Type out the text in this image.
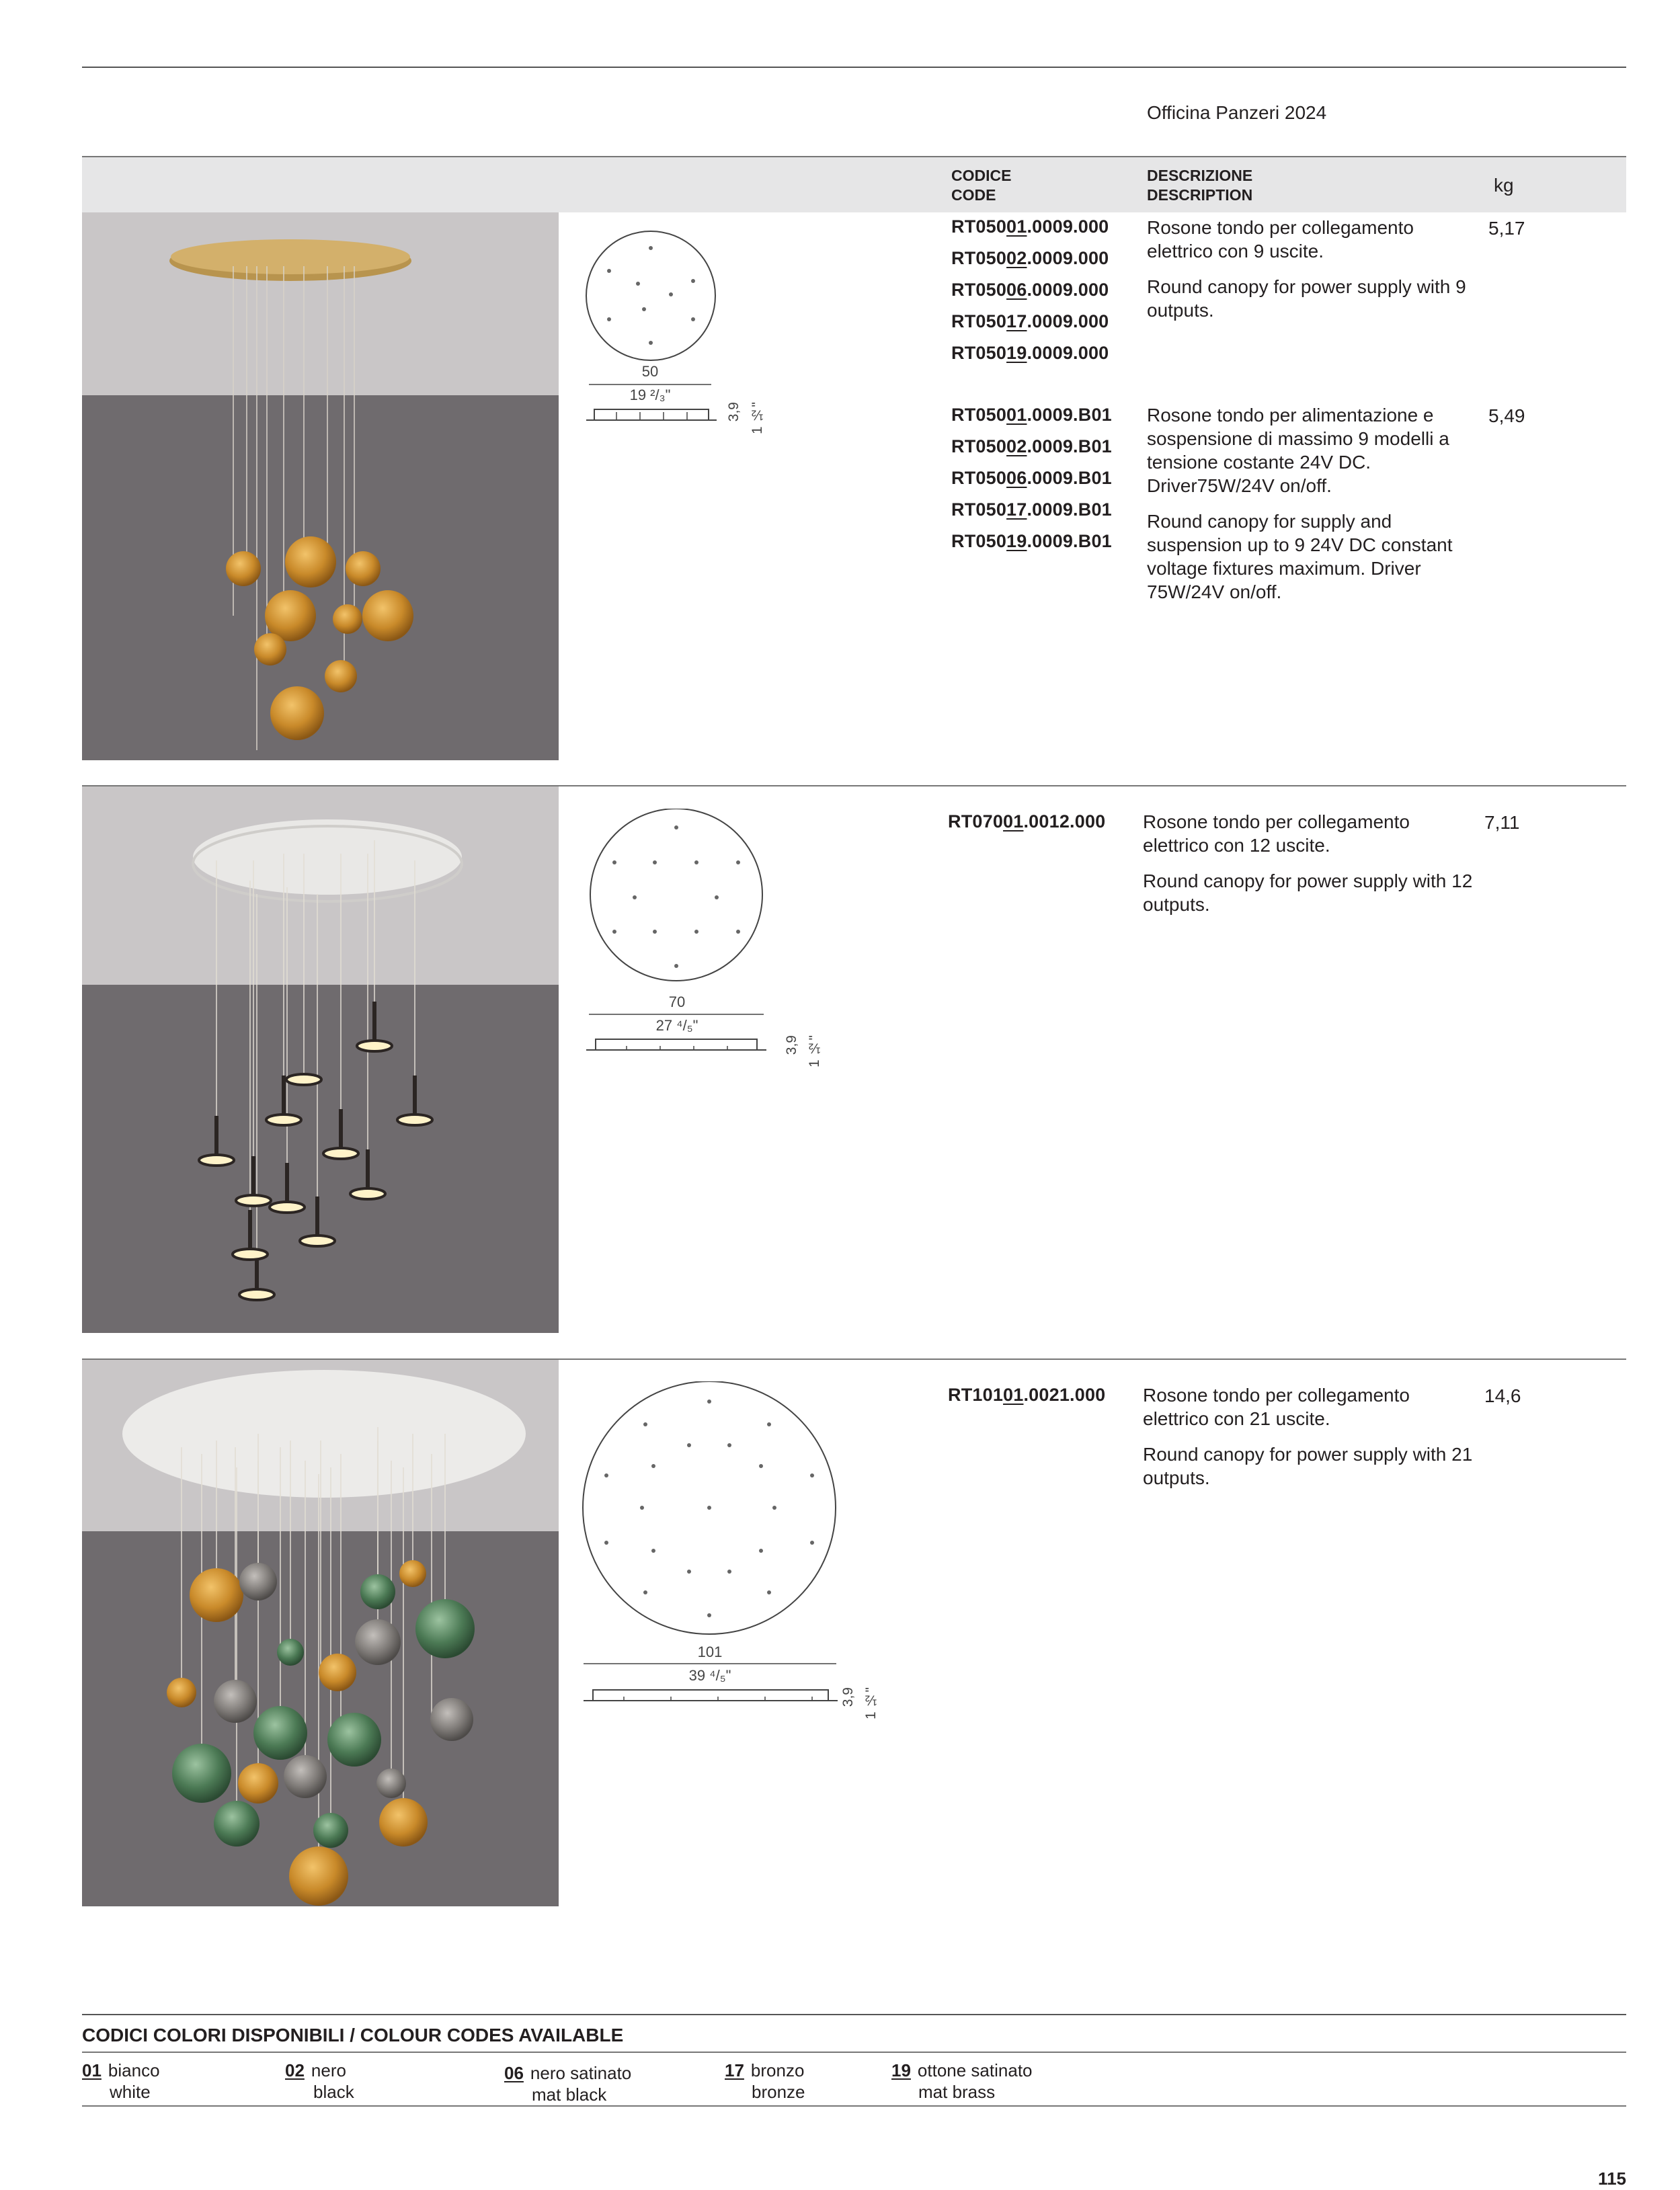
Officina Panzeri 2024
CODICE
CODE
DESCRIZIONE
DESCRIPTION	kg
50
19 ²/₃"
3,9 1 ½"
RT05001.0009.000
RT05002.0009.000
RT05006.0009.000
RT05017.0009.000
RT05019.0009.000

Rosone tondo per collegamento elettrico con 9 uscite.

Round canopy for power supply with 9 outputs.

5,17
RT05001.0009.B01
RT05002.0009.B01
RT05006.0009.B01
RT05017.0009.B01
RT05019.0009.B01

Rosone tondo per alimentazione e sospensione di massimo 9 modelli a tensione costante 24V DC. Driver75W/24V on/off.

Round canopy for supply and suspension up to 9 24V DC constant voltage fixtures maximum. Driver 75W/24V on/off.

5,49
70
27 ⁴/₅"
3,9 1 ½"
RT07001.0012.000 Rosone tondo per collegamento elettrico con 12 uscite.

Round canopy for power supply with 12 outputs.

7,11
101
39 ⁴/₅"
3,9 1 ½"
RT10101.0021.000 Rosone tondo per collegamento elettrico con 21 uscite.

Round canopy for power supply with 21 outputs.

14,6
CODICI COLORI DISPONIBILI / COLOUR CODES AVAILABLE
01 bianco
white
02 nero
black
06 nero satinato
mat black
17 bronzo
bronze
19 ottone satinato
mat brass
115
